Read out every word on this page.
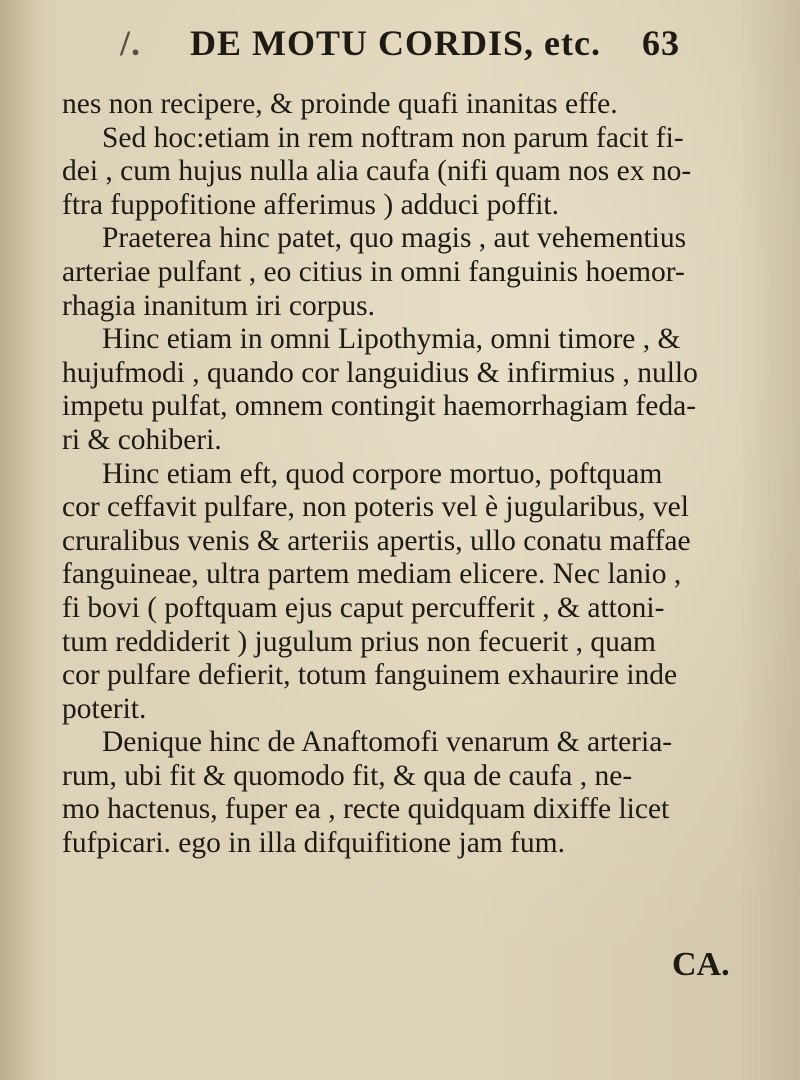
/. DE MOTU CORDIS, etc. 63
nes non recipere, & proinde quafi inanitas effe.
Sed hoc:etiam in rem noftram non parum facit fi-
dei , cum hujus nulla alia caufa (nifi quam nos ex no-
ftra fuppofitione afferimus ) adduci poffit.
Praeterea hinc patet, quo magis , aut vehementius
arteriae pulfant , eo citius in omni fanguinis hoemor-
rhagia inanitum iri corpus.
Hinc etiam in omni Lipothymia, omni timore , &
hujufmodi , quando cor languidius & infirmius , nullo
impetu pulfat, omnem contingit haemorrhagiam feda-
ri & cohiberi.
Hinc etiam eft, quod corpore mortuo, poftquam
cor ceffavit pulfare, non poteris vel è jugularibus, vel
cruralibus venis & arteriis apertis, ullo conatu maffae
fanguineae, ultra partem mediam elicere. Nec lanio ,
fi bovi ( poftquam ejus caput percufferit , & attoni-
tum reddiderit ) jugulum prius non fecuerit , quam
cor pulfare defierit, totum fanguinem exhaurire inde
poterit.
Denique hinc de Anaftomofi venarum & arteria-
rum, ubi fit & quomodo fit, & qua de caufa , ne-
mo hactenus, fuper ea , recte quidquam dixiffe licet
fufpicari. ego in illa difquifitione jam fum.
CA.
